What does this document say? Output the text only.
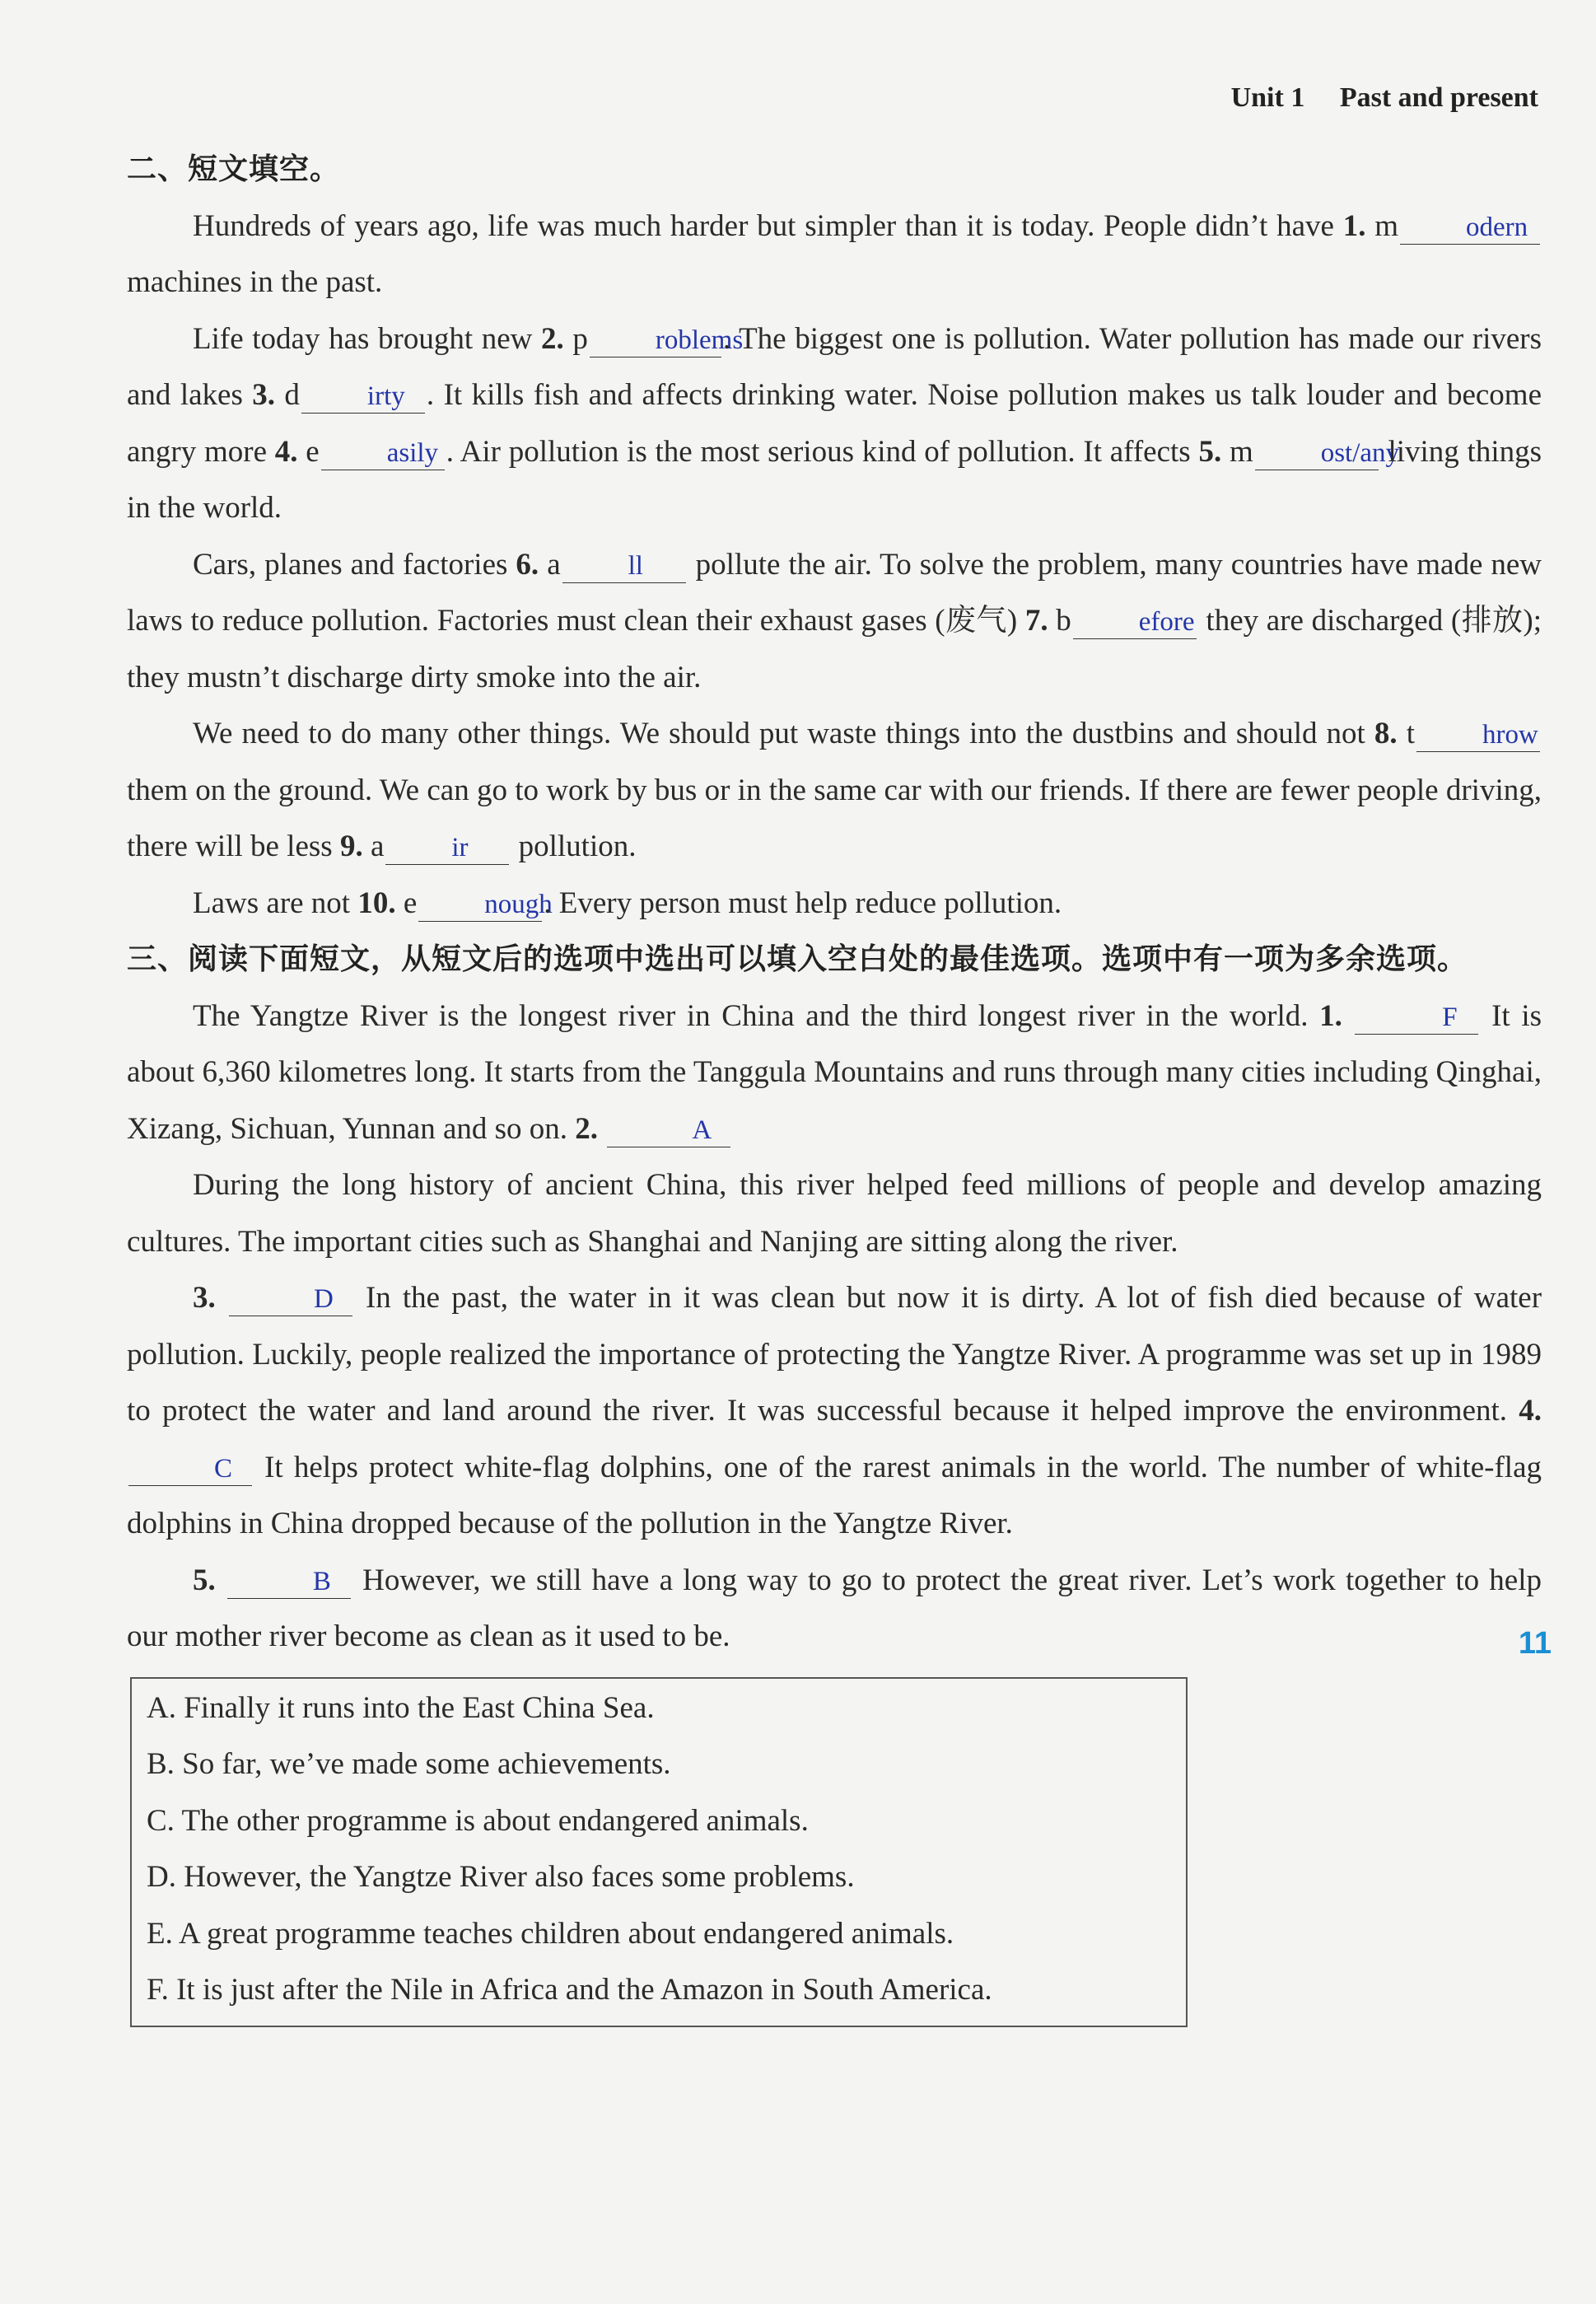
Unit 1 Past and present
二、短文填空。

Hundreds of years ago, life was much harder but simpler than it is today. People didn’t have 1. m odern machines in the past.

Life today has brought new 2. p roblems. The biggest one is pollution. Water pollution has made our rivers and lakes 3. d irty . It kills fish and affects drinking water. Noise pollution makes us talk louder and become angry more 4. e asily . Air pollution is the most serious kind of pollution. It affects 5. m ost/any living things in the world.

Cars, planes and factories 6. a ll pollute the air. To solve the problem, many countries have made new laws to reduce pollution. Factories must clean their exhaust gases (废气) 7. b efore they are discharged (排放); they mustn’t discharge dirty smoke into the air.

We need to do many other things. We should put waste things into the dustbins and should not 8. t hrow them on the ground. We can go to work by bus or in the same car with our friends. If there are fewer people driving, there will be less 9. a ir pollution.

Laws are not 10. e nough. Every person must help reduce pollution.

三、阅读下面短文，从短文后的选项中选出可以填入空白处的最佳选项。选项中有一项为多余选项。

The Yangtze River is the longest river in China and the third longest river in the world. 1.	F It is about 6,360 kilometres long. It starts from the Tanggula Mountains and runs through many cities including Qinghai, Xizang, Sichuan, Yunnan and so on. 2.	A

During the long history of ancient China, this river helped feed millions of people and develop amazing cultures. The important cities such as Shanghai and Nanjing are sitting along the river.

3.	D In the past, the water in it was clean but now it is dirty. A lot of fish died because of water pollution. Luckily, people realized the importance of protecting the Yangtze River. A programme was set up in 1989 to protect the water and land around the river. It was successful because it helped improve the environment. 4. C It helps protect white-flag dolphins, one of the rarest animals in the world. The number of white-flag dolphins in China dropped because of the pollution in the Yangtze River.

5.	B However, we still have a long way to go to protect the great river. Let’s work together to help our mother river become as clean as it used to be.

A. Finally it runs into the East China Sea.

B. So far, we’ve made some achievements.

C. The other programme is about endangered animals.

D. However, the Yangtze River also faces some problems.

E. A great programme teaches children about endangered animals.

F. It is just after the Nile in Africa and the Amazon in South America.

11
